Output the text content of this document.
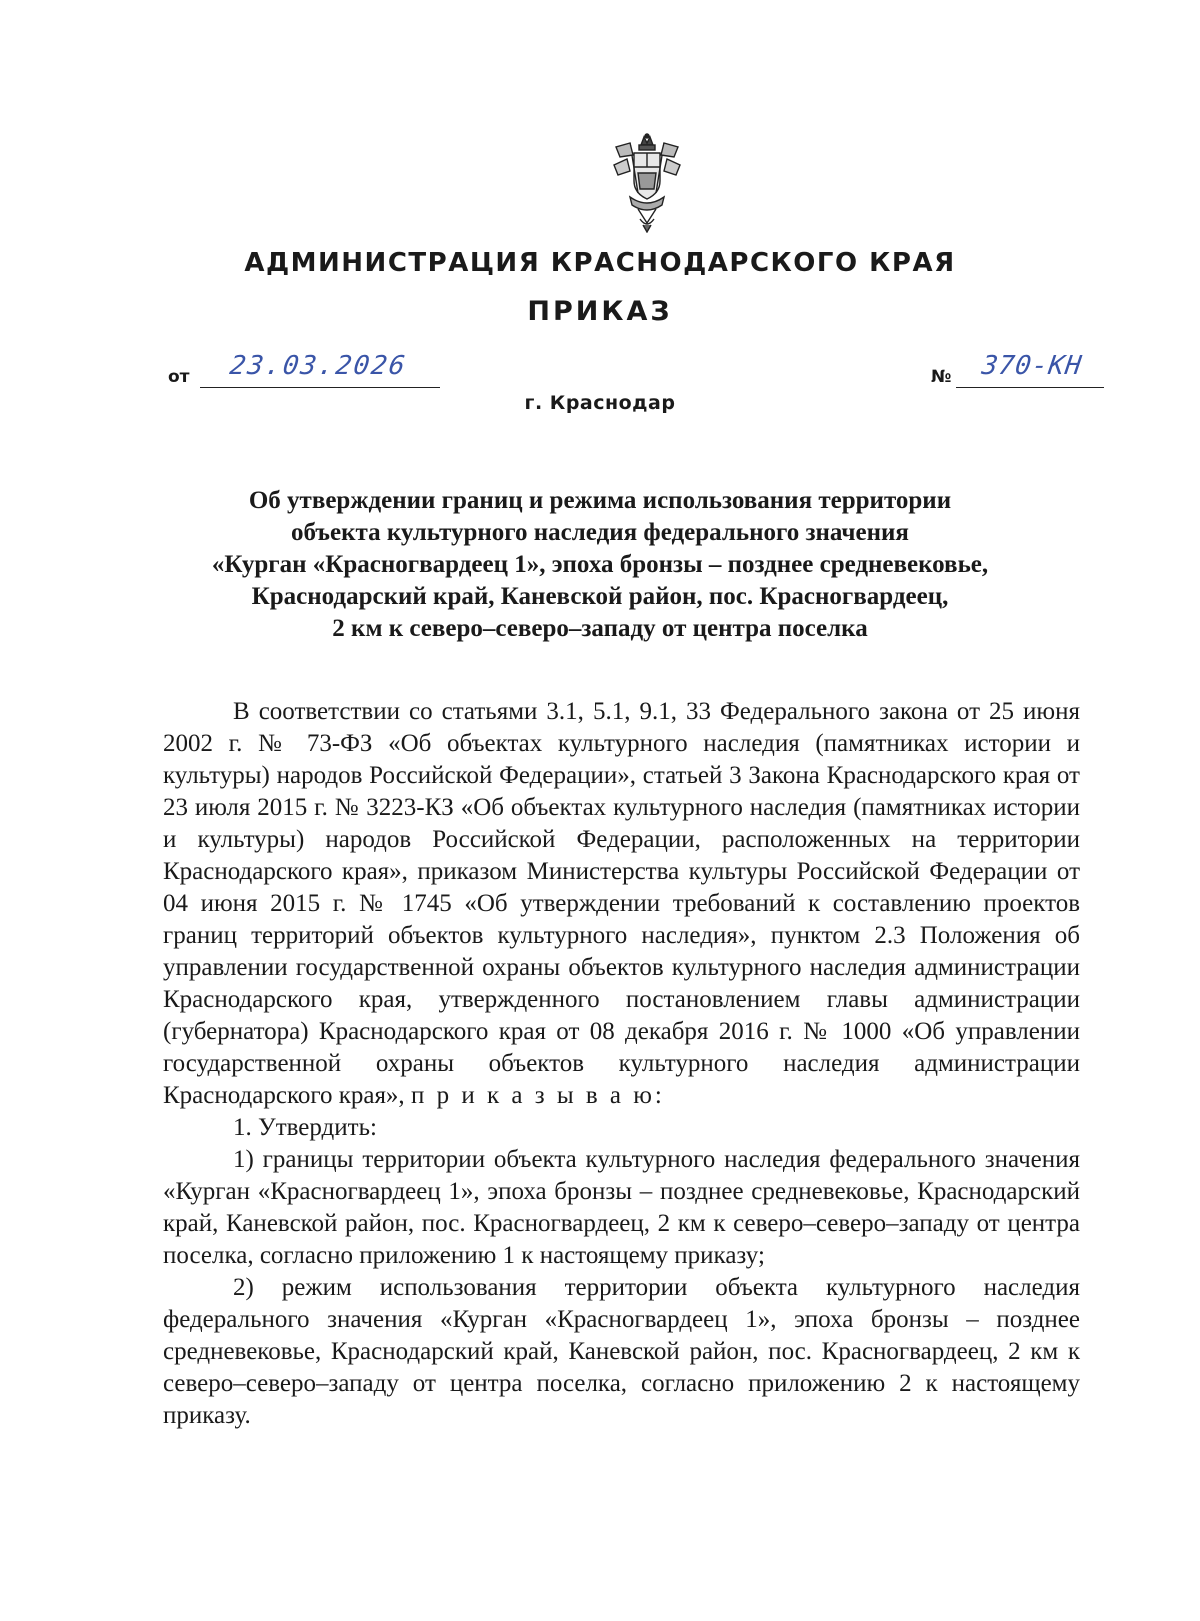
АДМИНИСТРАЦИЯ КРАСНОДАРСКОГО КРАЯ
ПРИКАЗ
от 23.03.2026	№ 370-КН
г. Краснодар
Об утверждении границ и режима использования территории
объекта культурного наследия федерального значения
«Курган «Красногвардеец 1», эпоха бронзы – позднее средневековье,
Краснодарский край, Каневской район, пос. Красногвардеец,
2 км к северо–северо–западу от центра поселка

В соответствии со статьями 3.1, 5.1, 9.1, 33 Федерального закона от 25 июня 2002 г. № 73-ФЗ «Об объектах культурного наследия (памятниках истории и культуры) народов Российской Федерации», статьей 3 Закона Краснодарского края от 23 июля 2015 г. № 3223-КЗ «Об объектах культурного наследия (памятниках истории и культуры) народов Российской Федерации, расположенных на территории Краснодарского края», приказом Министерства культуры Российской Федерации от 04 июня 2015 г. № 1745 «Об утверждении требований к составлению проектов границ территорий объектов культурного наследия», пунктом 2.3 Положения об управлении государственной охраны объектов культурного наследия администрации Краснодарского края, утвержденного постановлением главы администрации (губернатора) Краснодарского края от 08 декабря 2016 г. № 1000 «Об управлении государственной охраны объектов культурного наследия администрации Краснодарского края», п р и к а з ы в а ю:

1. Утвердить:

1) границы территории объекта культурного наследия федерального значения «Курган «Красногвардеец 1», эпоха бронзы – позднее средневековье, Краснодарский край, Каневской район, пос. Красногвардеец, 2 км к северо–северо–западу от центра поселка, согласно приложению 1 к настоящему приказу;

2) режим использования территории объекта культурного наследия федерального значения «Курган «Красногвардеец 1», эпоха бронзы – позднее средневековье, Краснодарский край, Каневской район, пос. Красногвардеец, 2 км к северо–северо–западу от центра поселка, согласно приложению 2 к настоящему приказу.
